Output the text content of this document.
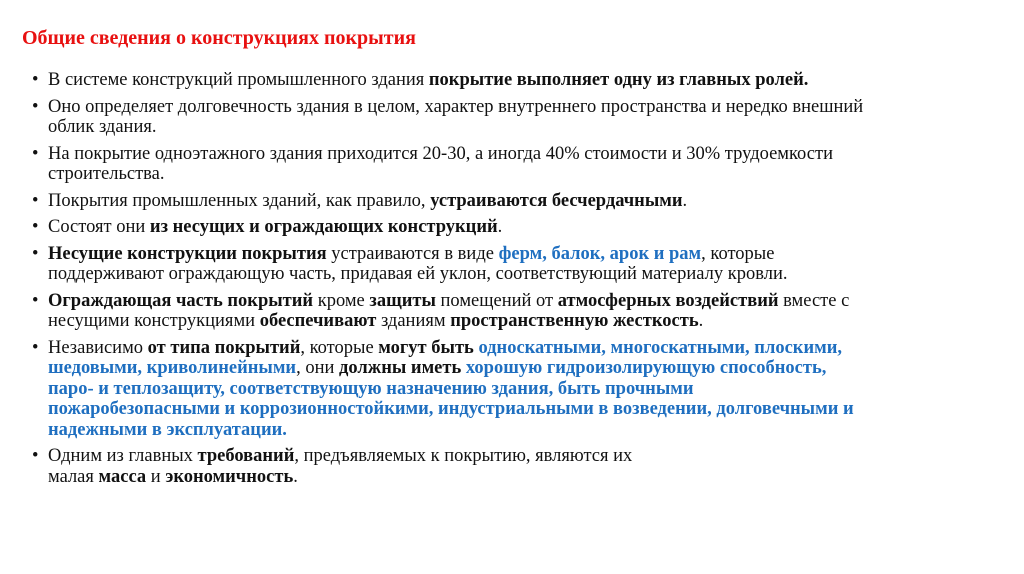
Общие сведения о конструкциях покрытия
• В системе конструкций промышленного здания покрытие выполняет одну из главных ролей.
• Оно определяет долговечность здания в целом, характер внутреннего пространства и нередко внешний
облик здания.
• На покрытие одноэтажного здания приходится 20-30, а иногда 40% стоимости и 30% трудоемкости
строительства.
• Покрытия промышленных зданий, как правило, устраиваются бесчердачными.
• Состоят они из несущих и ограждающих конструкций.
• Несущие конструкции покрытия устраиваются в виде ферм, балок, арок и рам, которые
поддерживают ограждающую часть, придавая ей уклон, соответствующий материалу кровли.
• Ограждающая часть покрытий кроме защиты помещений от атмосферных воздействий вместе с
несущими конструкциями обеспечивают зданиям пространственную жесткость.
• Независимо от типа покрытий, которые могут быть односкатными, многоскатными, плоскими,
шедовыми, криволинейными, они должны иметь хорошую гидроизолирующую способность,
паро- и теплозащиту, соответствующую назначению здания, быть прочными
пожаробезопасными и коррозионностойкими, индустриальными в возведении, долговечными и
надежными в эксплуатации.
• Одним из главных требований, предъявляемых к покрытию, являются их
малая масса и экономичность.
